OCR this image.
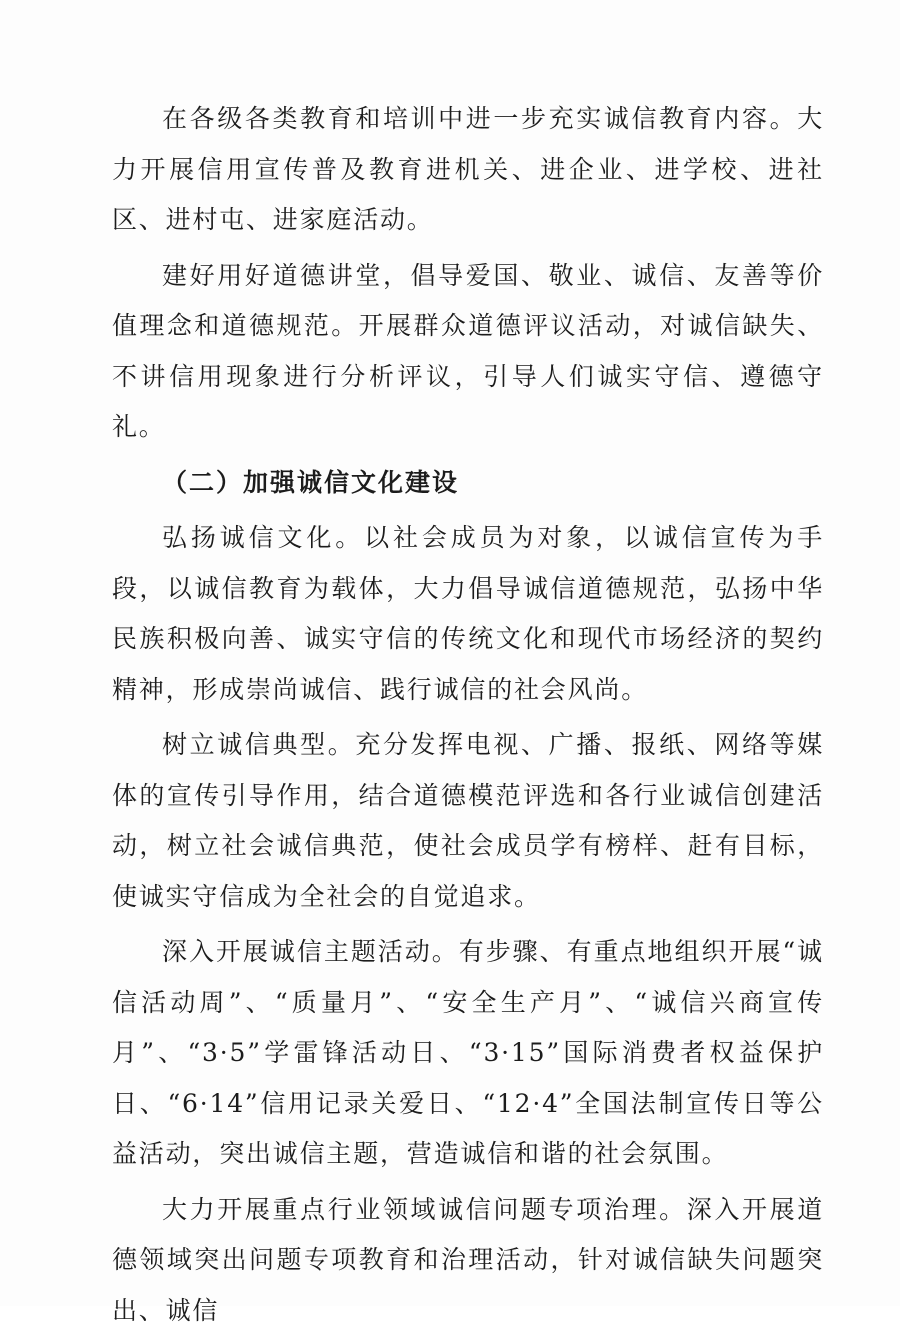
在各级各类教育和培训中进一步充实诚信教育内容。大力开展信用宣传普及教育进机关、进企业、进学校、进社区、进村屯、进家庭活动。

建好用好道德讲堂，倡导爱国、敬业、诚信、友善等价值理念和道德规范。开展群众道德评议活动，对诚信缺失、不讲信用现象进行分析评议，引导人们诚实守信、遵德守礼。

（二）加强诚信文化建设

弘扬诚信文化。以社会成员为对象，以诚信宣传为手段，以诚信教育为载体，大力倡导诚信道德规范，弘扬中华民族积极向善、诚实守信的传统文化和现代市场经济的契约精神，形成崇尚诚信、践行诚信的社会风尚。

树立诚信典型。充分发挥电视、广播、报纸、网络等媒体的宣传引导作用，结合道德模范评选和各行业诚信创建活动，树立社会诚信典范，使社会成员学有榜样、赶有目标，使诚实守信成为全社会的自觉追求。

深入开展诚信主题活动。有步骤、有重点地组织开展“诚信活动周”、“质量月”、“安全生产月”、“诚信兴商宣传月”、“3·5”学雷锋活动日、“3·15”国际消费者权益保护日、“6·14”信用记录关爱日、“12·4”全国法制宣传日等公益活动，突出诚信主题，营造诚信和谐的社会氛围。

大力开展重点行业领域诚信问题专项治理。深入开展道德领域突出问题专项教育和治理活动，针对诚信缺失问题突出、诚信
